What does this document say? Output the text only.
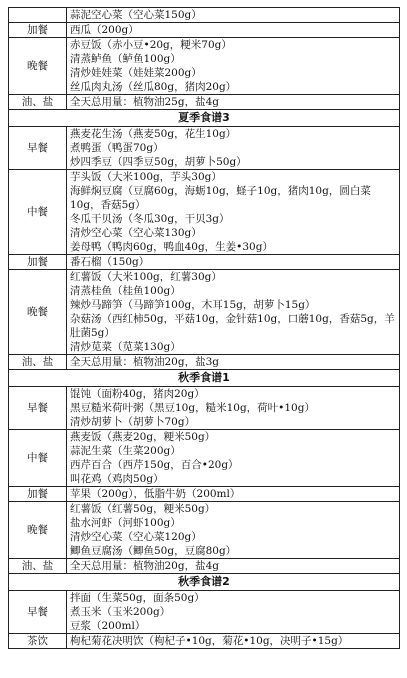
	蒜泥空心菜（空心菜150g）

加餐	西瓜（200g）

晚餐	赤豆饭（赤小豆•20g，粳米70g）
清蒸鲈鱼（鲈鱼100g）
清炒娃娃菜（娃娃菜200g）
丝瓜肉丸汤（丝瓜80g，猪肉20g）

油、盐	全天总用量：植物油25g，盐4g

夏季食谱3	
早餐	燕麦花生汤（燕麦50g，花生10g）
煮鸭蛋（鸭蛋70g）
炒四季豆（四季豆50g，胡萝卜50g）

中餐	芋头饭（大米100g，芋头30g）
海鲜焖豆腐（豆腐60g，海蛎10g，蛏子10g，猪肉10g，圆白菜10g，香菇5g）
冬瓜干贝汤（冬瓜30g，干贝3g）
清炒空心菜（空心菜130g）
姜母鸭（鸭肉60g，鸭血40g，生姜•30g）

加餐	番石榴（150g）

晚餐	红薯饭（大米100g，红薯30g）
清蒸桂鱼（桂鱼100g）
辣炒马蹄笋（马蹄笋100g，木耳15g，胡萝卜15g）
杂菇汤（西红柿50g，平菇10g，金针菇10g，口蘑10g，香菇5g，羊肚菌5g）
清炒苋菜（苋菜130g）

油、盐	全天总用量：植物油20g，盐3g

秋季食谱1	
早餐	馄饨（面粉40g，猪肉20g）
黑豆糙米荷叶粥（黑豆10g，糙米10g，荷叶•10g）
清炒胡萝卜（胡萝卜70g）

中餐	燕麦饭（燕麦20g，粳米50g）
蒜泥生菜（生菜200g）
西芹百合（西芹150g，百合•20g）
叫花鸡（鸡肉50g）

加餐	苹果（200g），低脂牛奶（200ml）

晚餐	红薯饭（红薯50g，粳米50g）
盐水河虾（河虾100g）
清炒空心菜（空心菜120g）
鲫鱼豆腐汤（鲫鱼50g，豆腐80g）

油、盐	全天总用量：植物油20g，盐4g

秋季食谱2	
早餐	拌面（生菜50g，面条50g）
煮玉米（玉米200g）
豆浆（200ml）

茶饮	枸杞菊花决明饮（枸杞子•10g，菊花•10g，决明子•15g）
